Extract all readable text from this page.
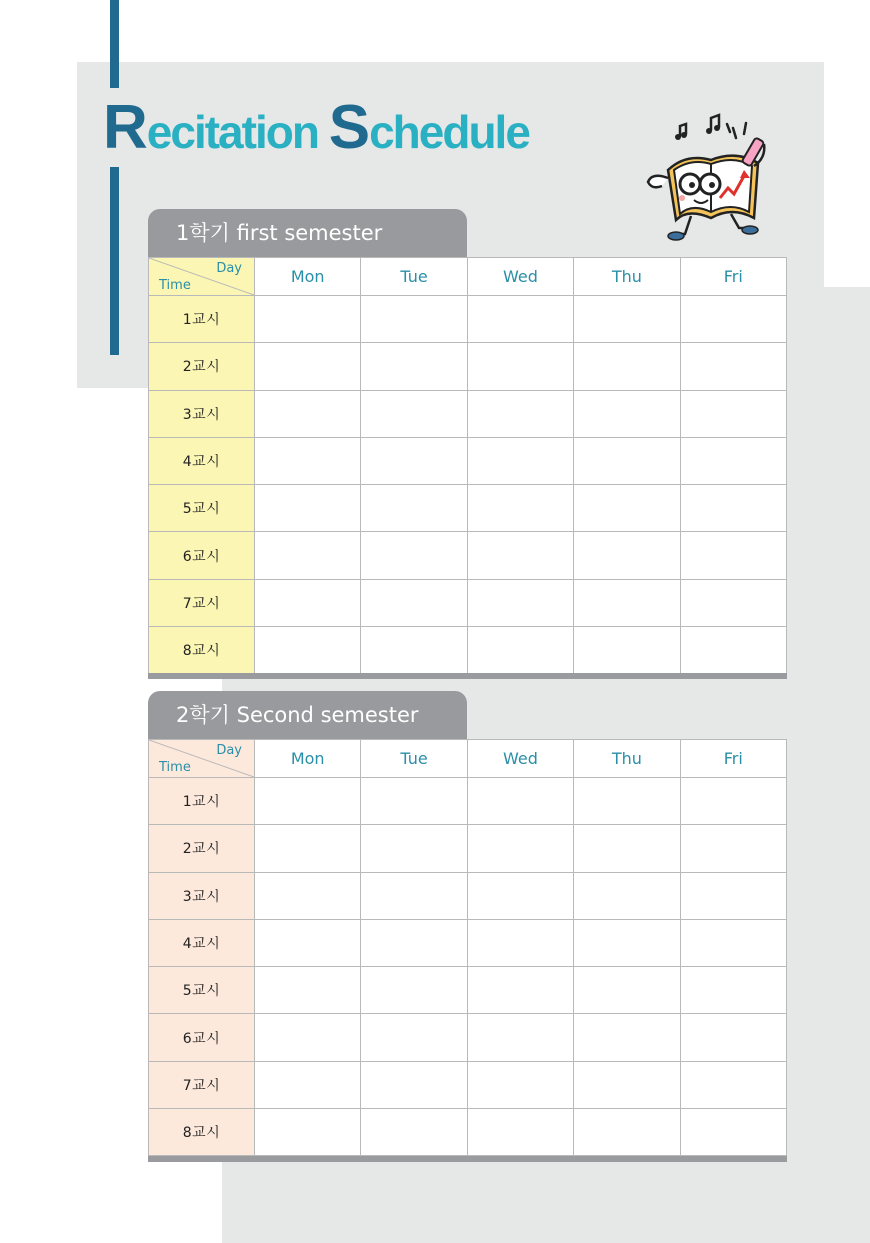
Recitation Schedule
1학기 first semester
Day
Time	Mon	Tue	Wed	Thu	Fri
1교시					
2교시					
3교시					
4교시					
5교시					
6교시					
7교시					
8교시					
2학기 Second semester
Day
Time	Mon	Tue	Wed	Thu	Fri
1교시					
2교시					
3교시					
4교시					
5교시					
6교시					
7교시					
8교시					
